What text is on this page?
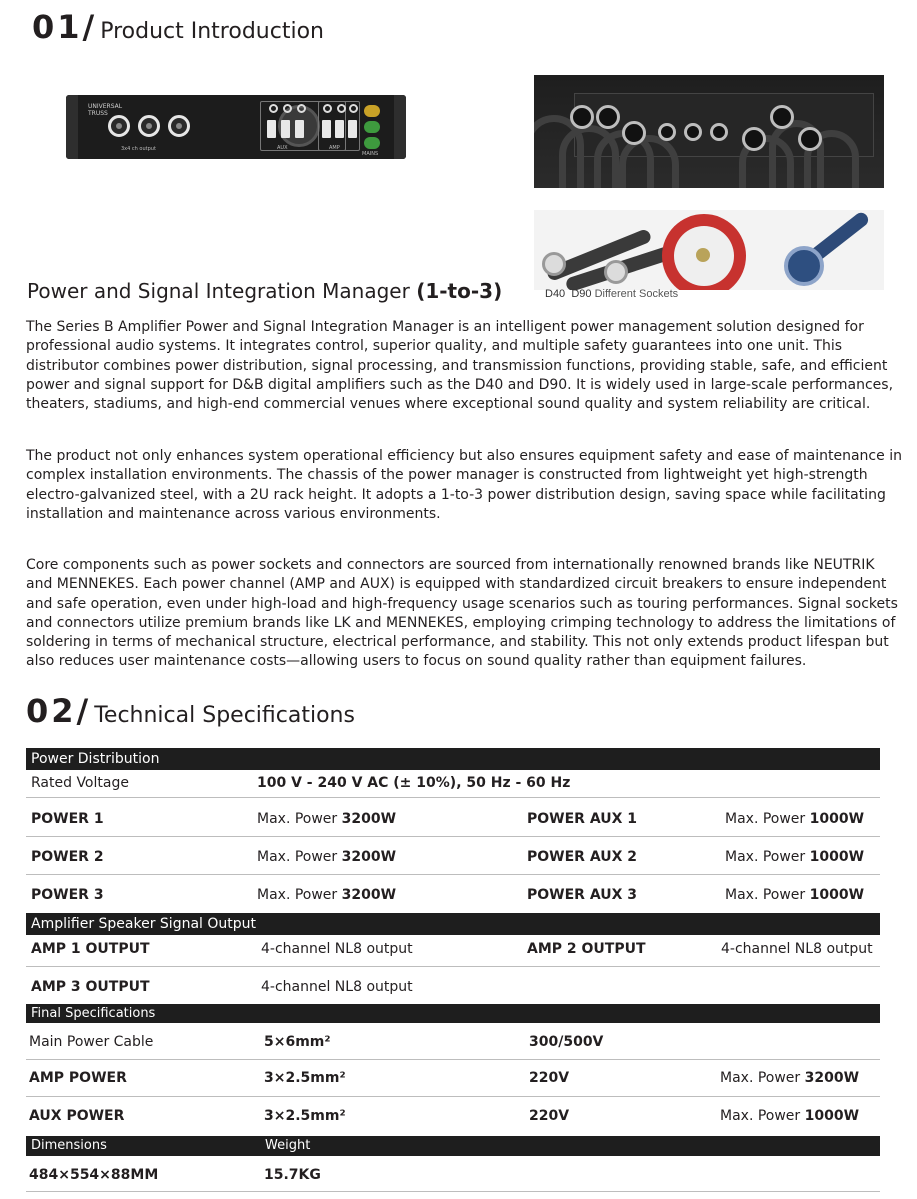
01 / Product Introduction
UNIVERSAL
TRUSS
3x4 ch output	AUX	AMP
MAINS
D40 D90 Different Sockets
Power and Signal Integration Manager (1-to-3)

The Series B Amplifier Power and Signal Integration Manager is an intelligent power management solution designed for professional audio systems. It integrates control, superior quality, and multiple safety guarantees into one unit. This distributor combines power distribution, signal processing, and transmission functions, providing stable, safe, and efficient power and signal support for D&B digital amplifiers such as the D40 and D90. It is widely used in large-scale performances, theaters, stadiums, and high-end commercial venues where exceptional sound quality and system reliability are critical.

The product not only enhances system operational efficiency but also ensures equipment safety and ease of maintenance in complex installation environments. The chassis of the power manager is constructed from lightweight yet high-strength electro-galvanized steel, with a 2U rack height. It adopts a 1-to-3 power distribution design, saving space while facilitating installation and maintenance across various environments.

Core components such as power sockets and connectors are sourced from internationally renowned brands like NEUTRIK and MENNEKES. Each power channel (AMP and AUX) is equipped with standardized circuit breakers to ensure independent and safe operation, even under high-load and high-frequency usage scenarios such as touring performances. Signal sockets and connectors utilize premium brands like LK and MENNEKES, employing crimping technology to address the limitations of soldering in terms of mechanical structure, electrical performance, and stability. This not only extends product lifespan but also reduces user maintenance costs—allowing users to focus on sound quality rather than equipment failures.

02 / Technical Specifications
Power Distribution
Rated Voltage	100 V - 240 V AC (± 10%), 50 Hz - 60 Hz
POWER 1	Max. Power 3200W	POWER AUX 1	Max. Power 1000W
POWER 2	Max. Power 3200W	POWER AUX 2	Max. Power 1000W
POWER 3	Max. Power 3200W	POWER AUX 3	Max. Power 1000W
Amplifier Speaker Signal Output
AMP 1 OUTPUT	4-channel NL8 output	AMP 2 OUTPUT	4-channel NL8 output
AMP 3 OUTPUT	4-channel NL8 output
Final Specifications
Main Power Cable	5×6mm²	300/500V
AMP POWER	3×2.5mm²	220V	Max. Power 3200W
AUX POWER	3×2.5mm²	220V	Max. Power 1000W
Dimensions	Weight
484×554×88MM	15.7KG
